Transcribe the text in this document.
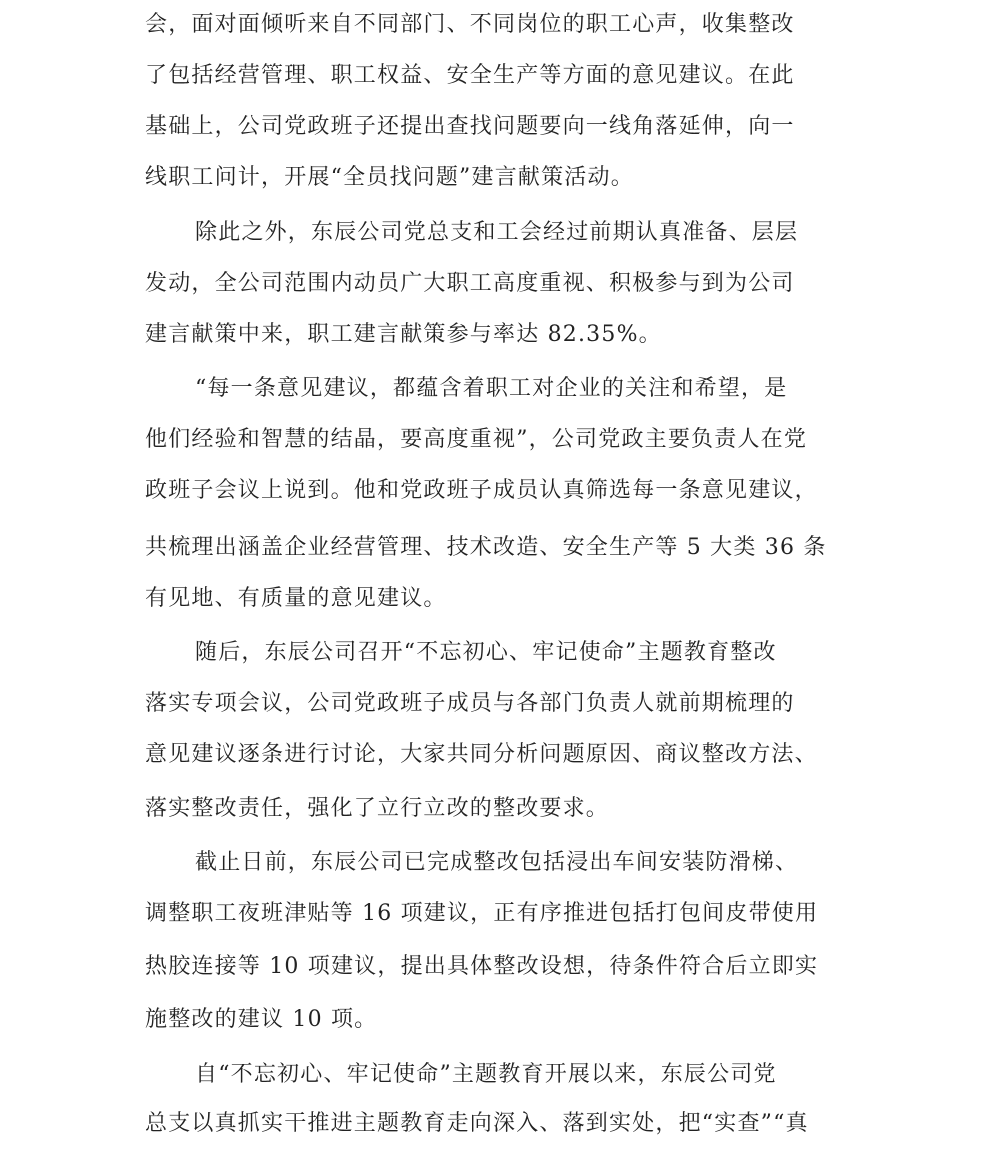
会，面对面倾听来自不同部门、不同岗位的职工心声，收集整改
了包括经营管理、职工权益、安全生产等方面的意见建议。在此
基础上，公司党政班子还提出查找问题要向一线角落延伸，向一
线职工问计，开展“全员找问题”建言献策活动。
除此之外，东辰公司党总支和工会经过前期认真准备、层层
发动，全公司范围内动员广大职工高度重视、积极参与到为公司
建言献策中来，职工建言献策参与率达 82.35%。
“每一条意见建议，都蕴含着职工对企业的关注和希望，是
他们经验和智慧的结晶，要高度重视”，公司党政主要负责人在党
政班子会议上说到。他和党政班子成员认真筛选每一条意见建议，
共梳理出涵盖企业经营管理、技术改造、安全生产等 5 大类 36 条
有见地、有质量的意见建议。
随后，东辰公司召开“不忘初心、牢记使命”主题教育整改
落实专项会议，公司党政班子成员与各部门负责人就前期梳理的
意见建议逐条进行讨论，大家共同分析问题原因、商议整改方法、
落实整改责任，强化了立行立改的整改要求。
截止日前，东辰公司已完成整改包括浸出车间安装防滑梯、
调整职工夜班津贴等 16 项建议，正有序推进包括打包间皮带使用
热胶连接等 10 项建议，提出具体整改设想，待条件符合后立即实
施整改的建议 10 项。
自“不忘初心、牢记使命”主题教育开展以来，东辰公司党
总支以真抓实干推进主题教育走向深入、落到实处，把“实查”“真
